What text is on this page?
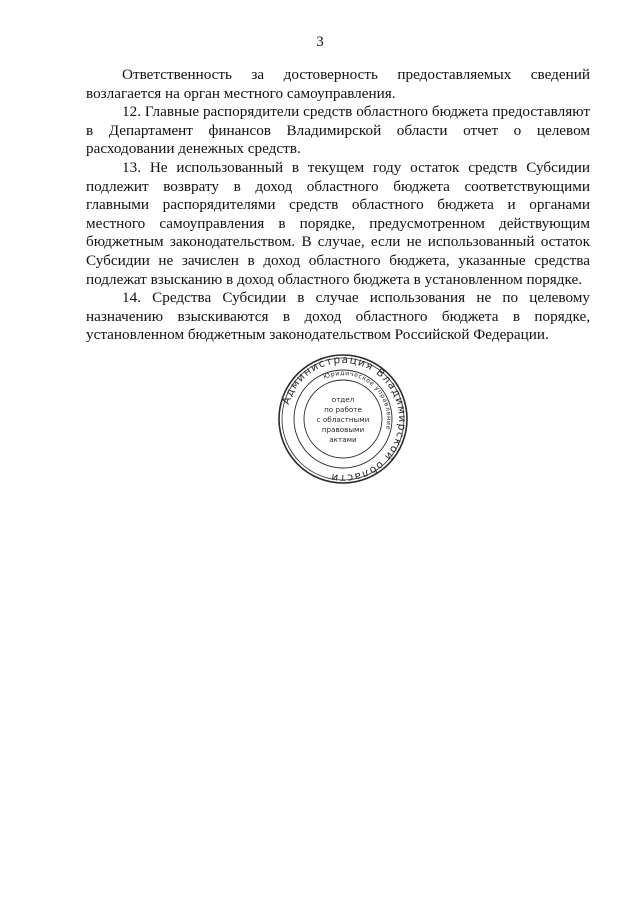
3

Ответственность за достоверность предоставляемых сведений возлагается на орган местного самоуправления.

12. Главные распорядители средств областного бюджета предоставляют в Департамент финансов Владимирской области отчет о целевом расходовании денежных средств.

13. Не использованный в текущем году остаток средств Субсидии подлежит возврату в доход областного бюджета соответствующими главными распорядителями средств областного бюджета и органами местного самоуправления в порядке, предусмотренном действующим бюджетным законодательством. В случае, если не использованный остаток Субсидии не зачислен в доход областного бюджета, указанные средства подлежат взысканию в доход областного бюджета в установленном порядке.

14. Средства Субсидии в случае использования не по целевому назначению взыскиваются в доход областного бюджета в порядке, установленном бюджетным законодательством Российской Федерации.

Администрация Владимирской области
Юридическое управление
отдел
по работе
с областными
правовыми
актами
